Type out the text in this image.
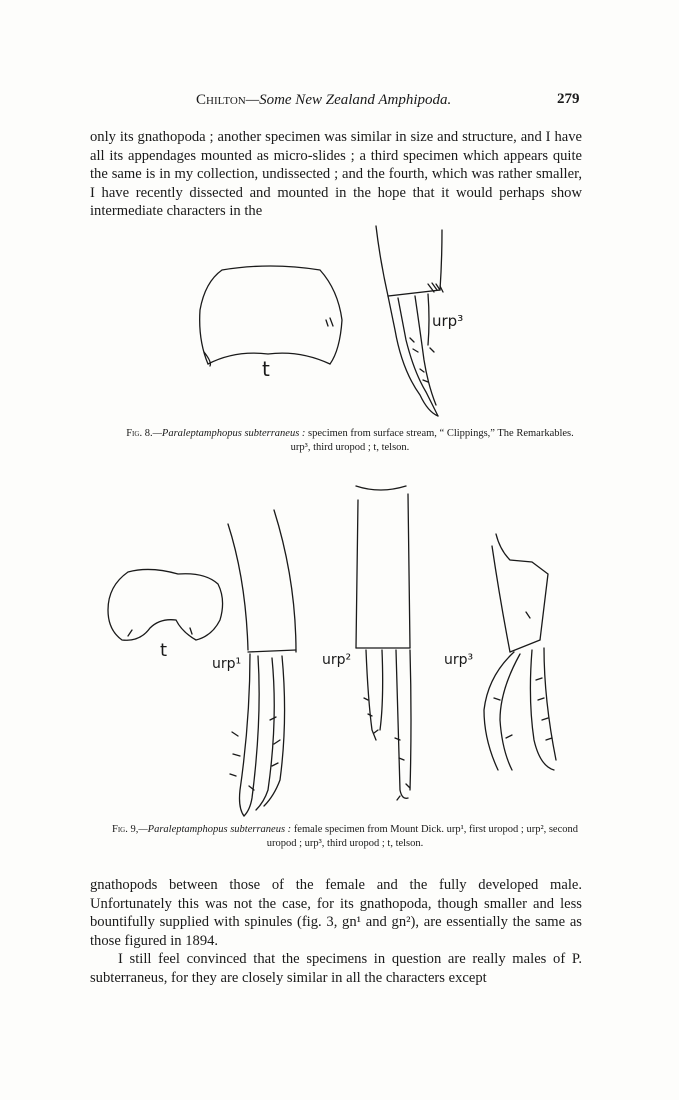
Chilton—Some New Zealand Amphipoda.	279

only its gnathopoda ; another specimen was similar in size and structure, and I have all its appendages mounted as micro-slides ; a third specimen which appears quite the same is in my collection, undissected ; and the fourth, which was rather smaller, I have recently dissected and mounted in the hope that it would perhaps show intermediate characters in the

t
urp³
t
urp¹	urp²	urp³
Fig. 8.—Paraleptamphopus subterraneus : specimen from surface stream, “ Clippings,” The Remarkables. urp³, third uropod ; t, telson.
Fig. 9,—Paraleptamphopus subterraneus : female specimen from Mount Dick. urp¹, first uropod ; urp², second uropod ; urp³, third uropod ; t, telson.

gnathopods between those of the female and the fully developed male. Unfortunately this was not the case, for its gnathopoda, though smaller and less bountifully supplied with spinules (fig. 3, gn¹ and gn²), are essentially the same as those figured in 1894.

I still feel convinced that the specimens in question are really males of P. subterraneus, for they are closely similar in all the characters except
